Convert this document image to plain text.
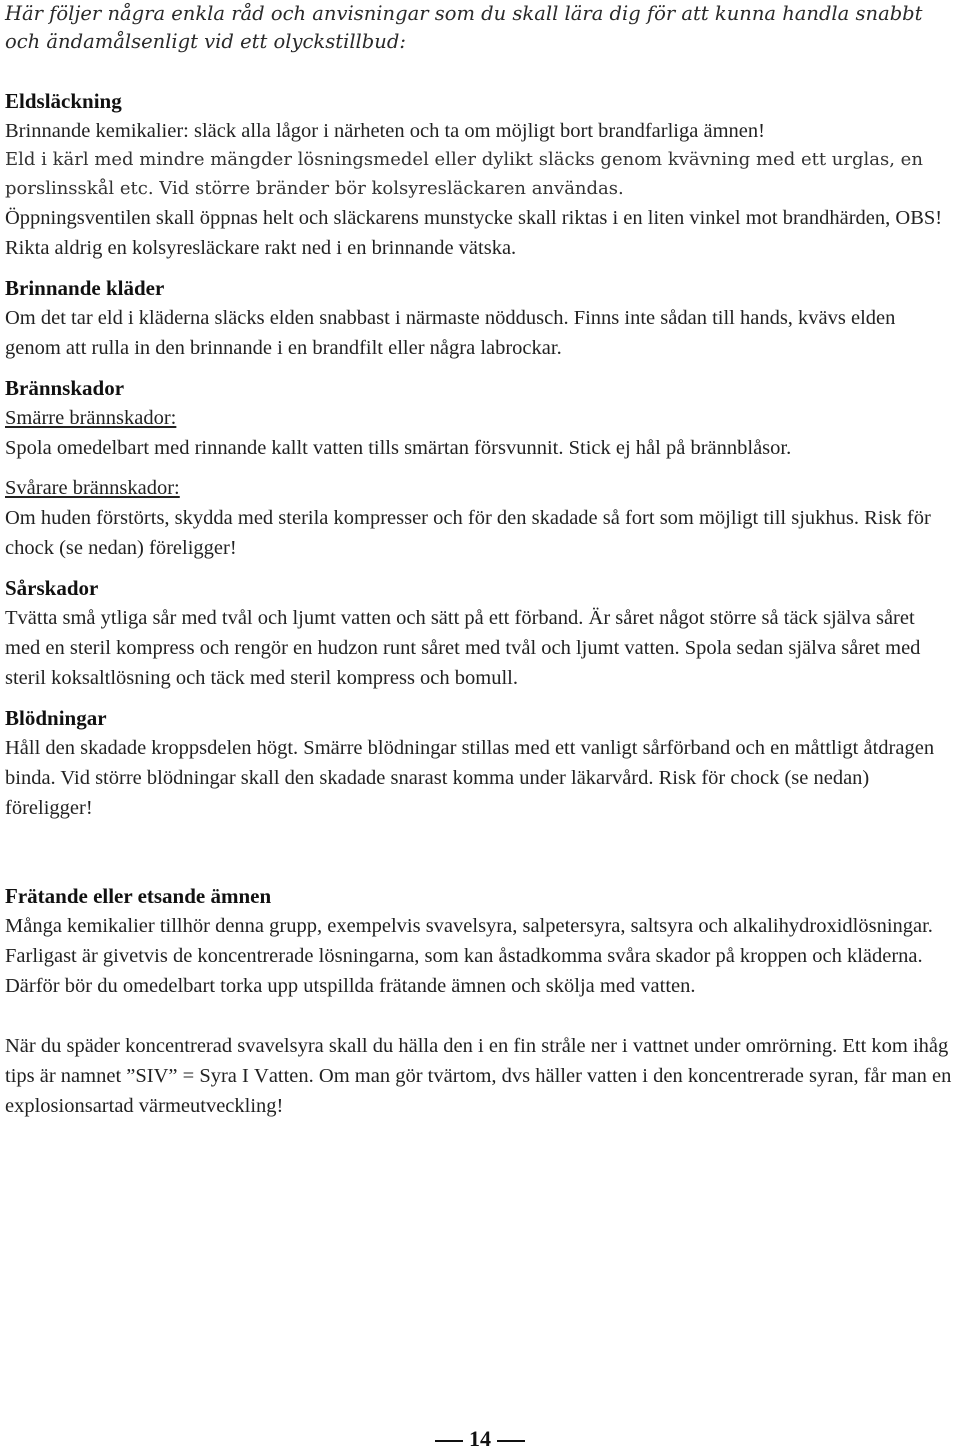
Här följer några enkla råd och anvisningar som du skall lära dig för att kunna handla snabbt och ändamålsenligt vid ett olyckstillbud:

Eldsläckning

Brinnande kemikalier: släck alla lågor i närheten och ta om möjligt bort brandfarliga ämnen!

Eld i kärl med mindre mängder lösningsmedel eller dylikt släcks genom kvävning med ett urglas, en porslinsskål etc. Vid större bränder bör kolsyresläckaren användas.

Öppningsventilen skall öppnas helt och släckarens munstycke skall riktas i en liten vinkel mot brandhärden, OBS! Rikta aldrig en kolsyresläckare rakt ned i en brinnande vätska.

Brinnande kläder

Om det tar eld i kläderna släcks elden snabbast i närmaste nöddusch. Finns inte sådan till hands, kvävs elden genom att rulla in den brinnande i en brandfilt eller några labrockar.

Brännskador

Smärre brännskador:

Spola omedelbart med rinnande kallt vatten tills smärtan försvunnit. Stick ej hål på brännblåsor.

Svårare brännskador:

Om huden förstörts, skydda med sterila kompresser och för den skadade så fort som möjligt till sjukhus. Risk för chock (se nedan) föreligger!

Sårskador

Tvätta små ytliga sår med tvål och ljumt vatten och sätt på ett förband. Är såret något större så täck själva såret med en steril kompress och rengör en hudzon runt såret med tvål och ljumt vatten. Spola sedan själva såret med steril koksaltlösning och täck med steril kompress och bomull.

Blödningar

Håll den skadade kroppsdelen högt. Smärre blödningar stillas med ett vanligt sårförband och en måttligt åtdragen binda. Vid större blödningar skall den skadade snarast komma under läkarvård. Risk för chock (se nedan) föreligger!

Frätande eller etsande ämnen

Många kemikalier tillhör denna grupp, exempelvis svavelsyra, salpetersyra, saltsyra och alkalihydroxidlösningar. Farligast är givetvis de koncentrerade lösningarna, som kan åstadkomma svåra skador på kroppen och kläderna. Därför bör du omedelbart torka upp utspillda frätande ämnen och skölja med vatten.

När du späder koncentrerad svavelsyra skall du hälla den i en fin stråle ner i vattnet under omrörning. Ett kom ihåg tips är namnet ”SIV” = Syra I Vatten. Om man gör tvärtom, dvs häller vatten i den koncentrerade syran, får man en explosionsartad värmeutveckling!

14
